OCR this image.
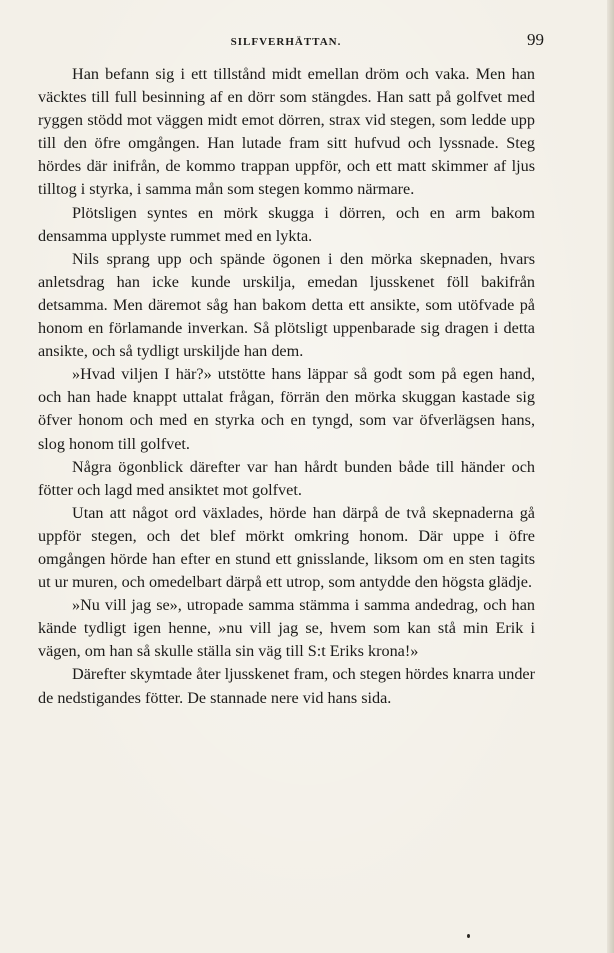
SILFVERHÄTTAN.	99

Han befann sig i ett tillstånd midt emellan dröm och vaka. Men han väcktes till full besinning af en dörr som stängdes. Han satt på golfvet med ryggen stödd mot väggen midt emot dörren, strax vid stegen, som ledde upp till den öfre omgången. Han lutade fram sitt hufvud och lyssnade. Steg hördes där inifrån, de kommo trappan uppför, och ett matt skimmer af ljus tilltog i styrka, i samma mån som stegen kommo närmare.

Plötsligen syntes en mörk skugga i dörren, och en arm bakom densamma upplyste rummet med en lykta.

Nils sprang upp och spände ögonen i den mörka skepnaden, hvars anletsdrag han icke kunde urskilja, emedan ljusskenet föll bakifrån detsamma. Men däremot såg han bakom detta ett ansikte, som utöfvade på honom en förlamande inverkan. Så plötsligt uppenbarade sig dragen i detta ansikte, och så tydligt urskiljde han dem.

»Hvad viljen I här?» utstötte hans läppar så godt som på egen hand, och han hade knappt uttalat frågan, förrän den mörka skuggan kastade sig öfver honom och med en styrka och en tyngd, som var öfverlägsen hans, slog honom till golfvet.

Några ögonblick därefter var han hårdt bunden både till händer och fötter och lagd med ansiktet mot golfvet.

Utan att något ord växlades, hörde han därpå de två skepnaderna gå uppför stegen, och det blef mörkt omkring honom. Där uppe i öfre omgången hörde han efter en stund ett gnisslande, liksom om en sten tagits ut ur muren, och omedelbart därpå ett utrop, som antydde den högsta glädje.

»Nu vill jag se», utropade samma stämma i samma andedrag, och han kände tydligt igen henne, »nu vill jag se, hvem som kan stå min Erik i vägen, om han så skulle ställa sin väg till S:t Eriks krona!»

Därefter skymtade åter ljusskenet fram, och stegen hördes knarra under de nedstigandes fötter. De stannade nere vid hans sida.
